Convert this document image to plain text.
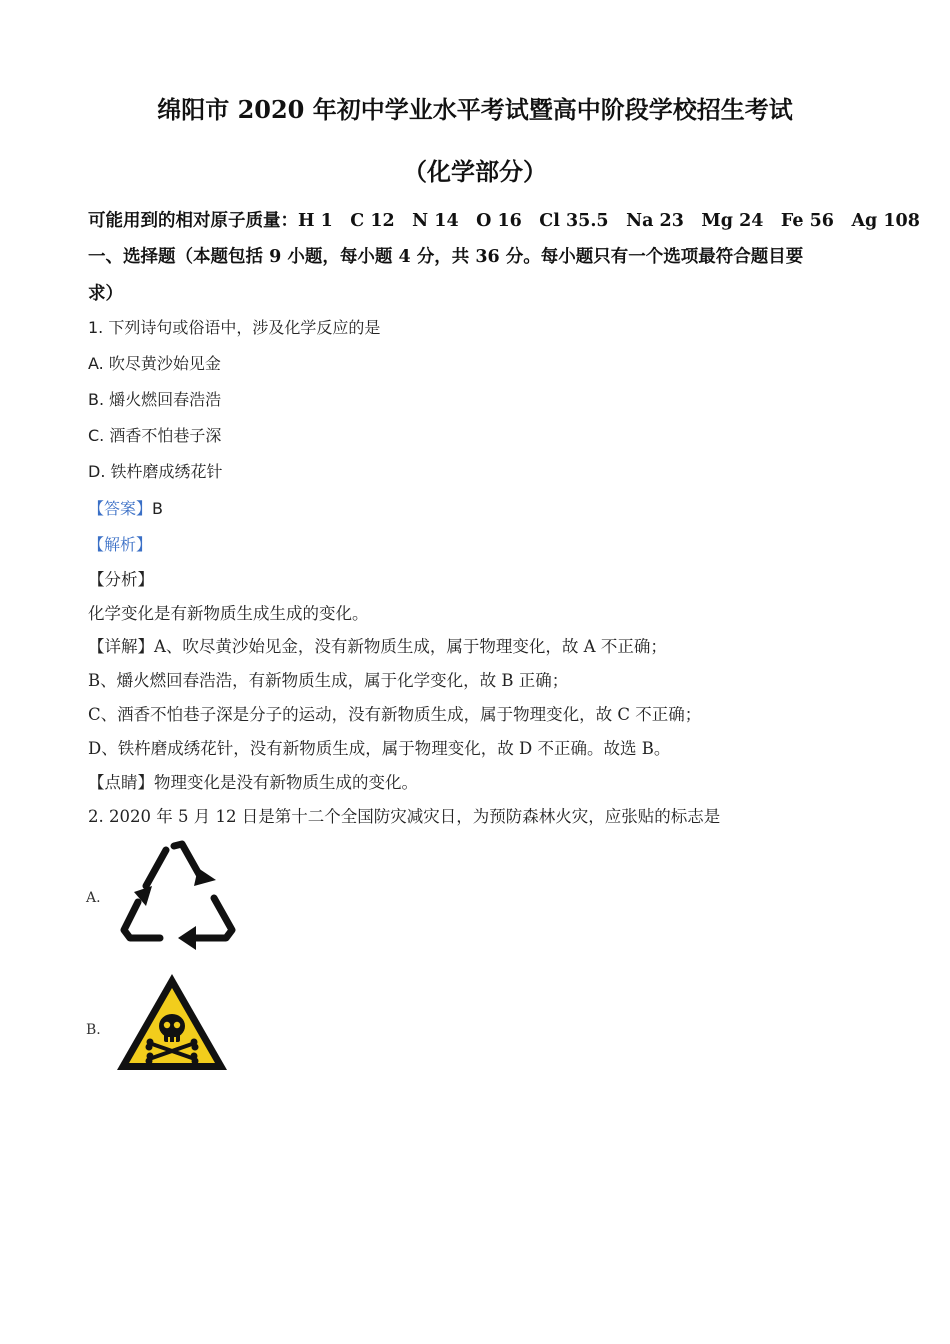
绵阳市 2020 年初中学业水平考试暨高中阶段学校招生考试
（化学部分）
可能用到的相对原子质量：H 1　C 12　N 14　O 16　Cl 35.5　Na 23　Mg 24　Fe 56　Ag 108
一、选择题（本题包括 9 小题，每小题 4 分，共 36 分。每小题只有一个选项最符合题目要
求）
1. 下列诗句或俗语中，涉及化学反应的是
A. 吹尽黄沙始见金
B. 爝火燃回春浩浩
C. 酒香不怕巷子深
D. 铁杵磨成绣花针
【答案】B
【解析】
【分析】
化学变化是有新物质生成生成的变化。
【详解】A、吹尽黄沙始见金，没有新物质生成，属于物理变化，故 A 不正确；
B、爝火燃回春浩浩，有新物质生成，属于化学变化，故 B 正确；
C、酒香不怕巷子深是分子的运动，没有新物质生成，属于物理变化，故 C 不正确；
D、铁杵磨成绣花针，没有新物质生成，属于物理变化，故 D 不正确。故选 B。
【点睛】物理变化是没有新物质生成的变化。
2. 2020 年 5 月 12 日是第十二个全国防灾减灾日，为预防森林火灾，应张贴的标志是
A.
B.
